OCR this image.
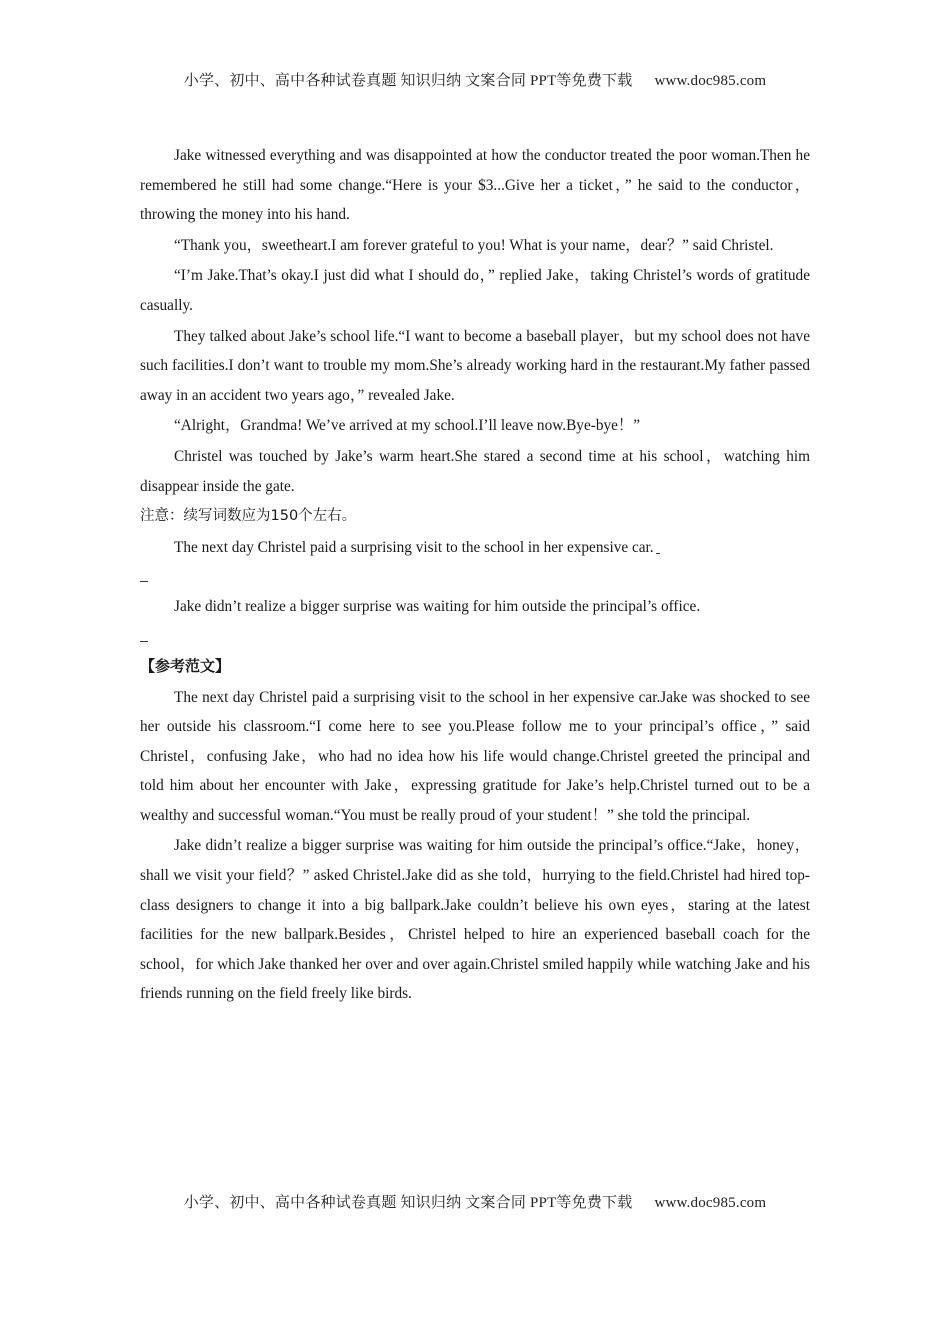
小学、初中、高中各种试卷真题 知识归纳 文案合同 PPT等免费下载 www.doc985.com

Jake witnessed everything and was disappointed at how the conductor treated the poor woman.Then he remembered he still had some change.“Here is your $3...Give her a ticket，” he said to the conductor，throwing the money into his hand.

“Thank you，sweetheart.I am forever grateful to you! What is your name，dear？” said Christel.

“I’m Jake.That’s okay.I just did what I should do，” replied Jake，taking Christel’s words of gratitude casually.

They talked about Jake’s school life.“I want to become a baseball player，but my school does not have such facilities.I don’t want to trouble my mom.She’s already working hard in the restaurant.My father passed away in an accident two years ago，” revealed Jake.

“Alright，Grandma! We’ve arrived at my school.I’ll leave now.Bye-bye！”

Christel was touched by Jake’s warm heart.She stared a second time at his school，watching him disappear inside the gate.

注意：续写词数应为150个左右。

The next day Christel paid a surprising visit to the school in her expensive car.

Jake didn’t realize a bigger surprise was waiting for him outside the principal’s office.

【参考范文】

The next day Christel paid a surprising visit to the school in her expensive car.Jake was shocked to see her outside his classroom.“I come here to see you.Please follow me to your principal’s office，” said Christel，confusing Jake，who had no idea how his life would change.Christel greeted the principal and told him about her encounter with Jake，expressing gratitude for Jake’s help.Christel turned out to be a wealthy and successful woman.“You must be really proud of your student！” she told the principal.

Jake didn’t realize a bigger surprise was waiting for him outside the principal’s office.“Jake，honey，shall we visit your field？” asked Christel.Jake did as she told，hurrying to the field.Christel had hired top-class designers to change it into a big ballpark.Jake couldn’t believe his own eyes，staring at the latest facilities for the new ballpark.Besides，Christel helped to hire an experienced baseball coach for the school，for which Jake thanked her over and over again.Christel smiled happily while watching Jake and his friends running on the field freely like birds.

小学、初中、高中各种试卷真题 知识归纳 文案合同 PPT等免费下载 www.doc985.com
